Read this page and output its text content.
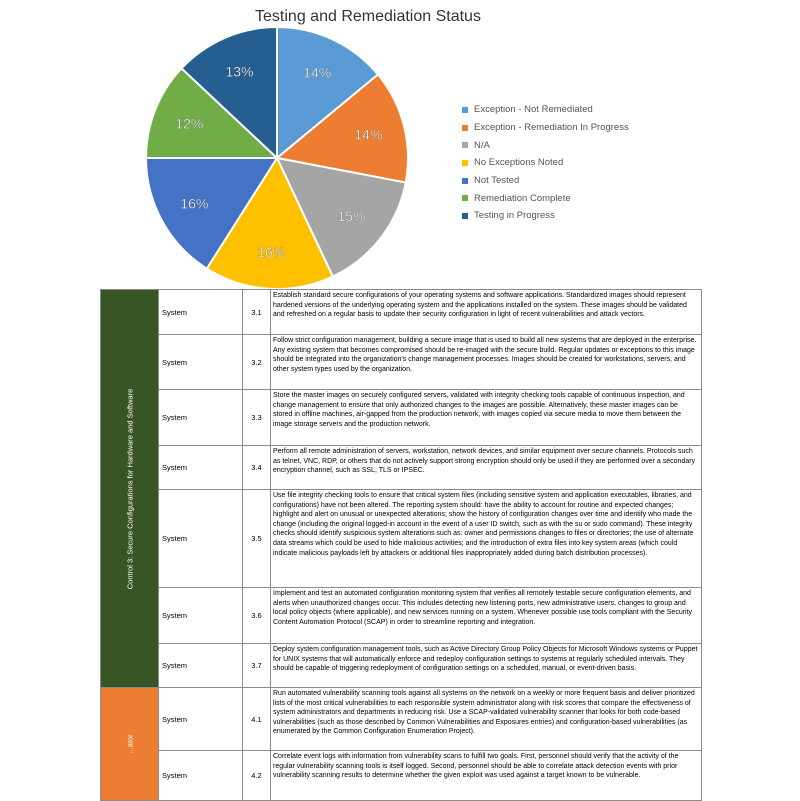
Testing and Remediation Status
14%
14%
15%
16%
16%
12%
13%
Exception - Not Remediated
Exception - Remediation In Progress
N/A
No Exceptions Noted
Not Tested
Remediation Complete
Testing in Progress
Control 3: Secure Configurations for Hardware and Software	System	3.1	Establish standard secure configurations of your operating systems and software applications. Standardized images should represent hardened versions of the underlying operating system and the applications installed on the system. These images should be validated and refreshed on a regular basis to update their security configuration in light of recent vulnerabilities and attack vectors.
	System	3.2	Follow strict configuration management, building a secure image that is used to build all new systems that are deployed in the enterprise. Any existing system that becomes compromised should be re-imaged with the secure build. Regular updates or exceptions to this image should be integrated into the organization's change management processes. Images should be created for workstations, servers, and other system types used by the organization.
	System	3.3	Store the master images on securely configured servers, validated with integrity checking tools capable of continuous inspection, and change management to ensure that only authorized changes to the images are possible. Alternatively, these master images can be stored in offline machines, air-gapped from the production network, with images copied via secure media to move them between the image storage servers and the production network.
	System	3.4	Perform all remote administration of servers, workstation, network devices, and similar equipment over secure channels. Protocols such as telnet, VNC, RDP, or others that do not actively support strong encryption should only be used if they are performed over a secondary encryption channel, such as SSL, TLS or IPSEC.
	System	3.5	Use file integrity checking tools to ensure that critical system files (including sensitive system and application executables, libraries, and configurations) have not been altered. The reporting system should: have the ability to account for routine and expected changes; highlight and alert on unusual or unexpected alterations; show the history of configuration changes over time and identify who made the change (including the original logged-in account in the event of a user ID switch, such as with the su or sudo command). These integrity checks should identify suspicious system alterations such as: owner and permissions changes to files or directories; the use of alternate data streams which could be used to hide malicious activities; and the introduction of extra files into key system areas (which could indicate malicious payloads left by attackers or additional files inappropriately added during batch distribution processes).
	System	3.6	Implement and test an automated configuration monitoring system that verifies all remotely testable secure configuration elements, and alerts when unauthorized changes occur. This includes detecting new listening ports, new administrative users, changes to group and local policy objects (where applicable), and new services running on a system. Whenever possible use tools compliant with the Security Content Automation Protocol (SCAP) in order to streamline reporting and integration.
	System	3.7	Deploy system configuration management tools, such as Active Directory Group Policy Objects for Microsoft Windows systems or Puppet for UNIX systems that will automatically enforce and redeploy configuration settings to systems at regularly scheduled intervals. They should be capable of triggering redeployment of configuration settings on a scheduled, manual, or event-driven basis.

...ator	System	4.1	Run automated vulnerability scanning tools against all systems on the network on a weekly or more frequent basis and deliver prioritized lists of the most critical vulnerabilities to each responsible system administrator along with risk scores that compare the effectiveness of system administrators and departments in reducing risk. Use a SCAP-validated vulnerability scanner that looks for both code-based vulnerabilities (such as those described by Common Vulnerabilities and Exposures entries) and configuration-based vulnerabilities (as enumerated by the Common Configuration Enumeration Project).
	System	4.2	Correlate event logs with information from vulnerability scans to fulfill two goals. First, personnel should verify that the activity of the regular vulnerability scanning tools is itself logged. Second, personnel should be able to correlate attack detection events with prior vulnerability scanning results to determine whether the given exploit was used against a target known to be vulnerable.
